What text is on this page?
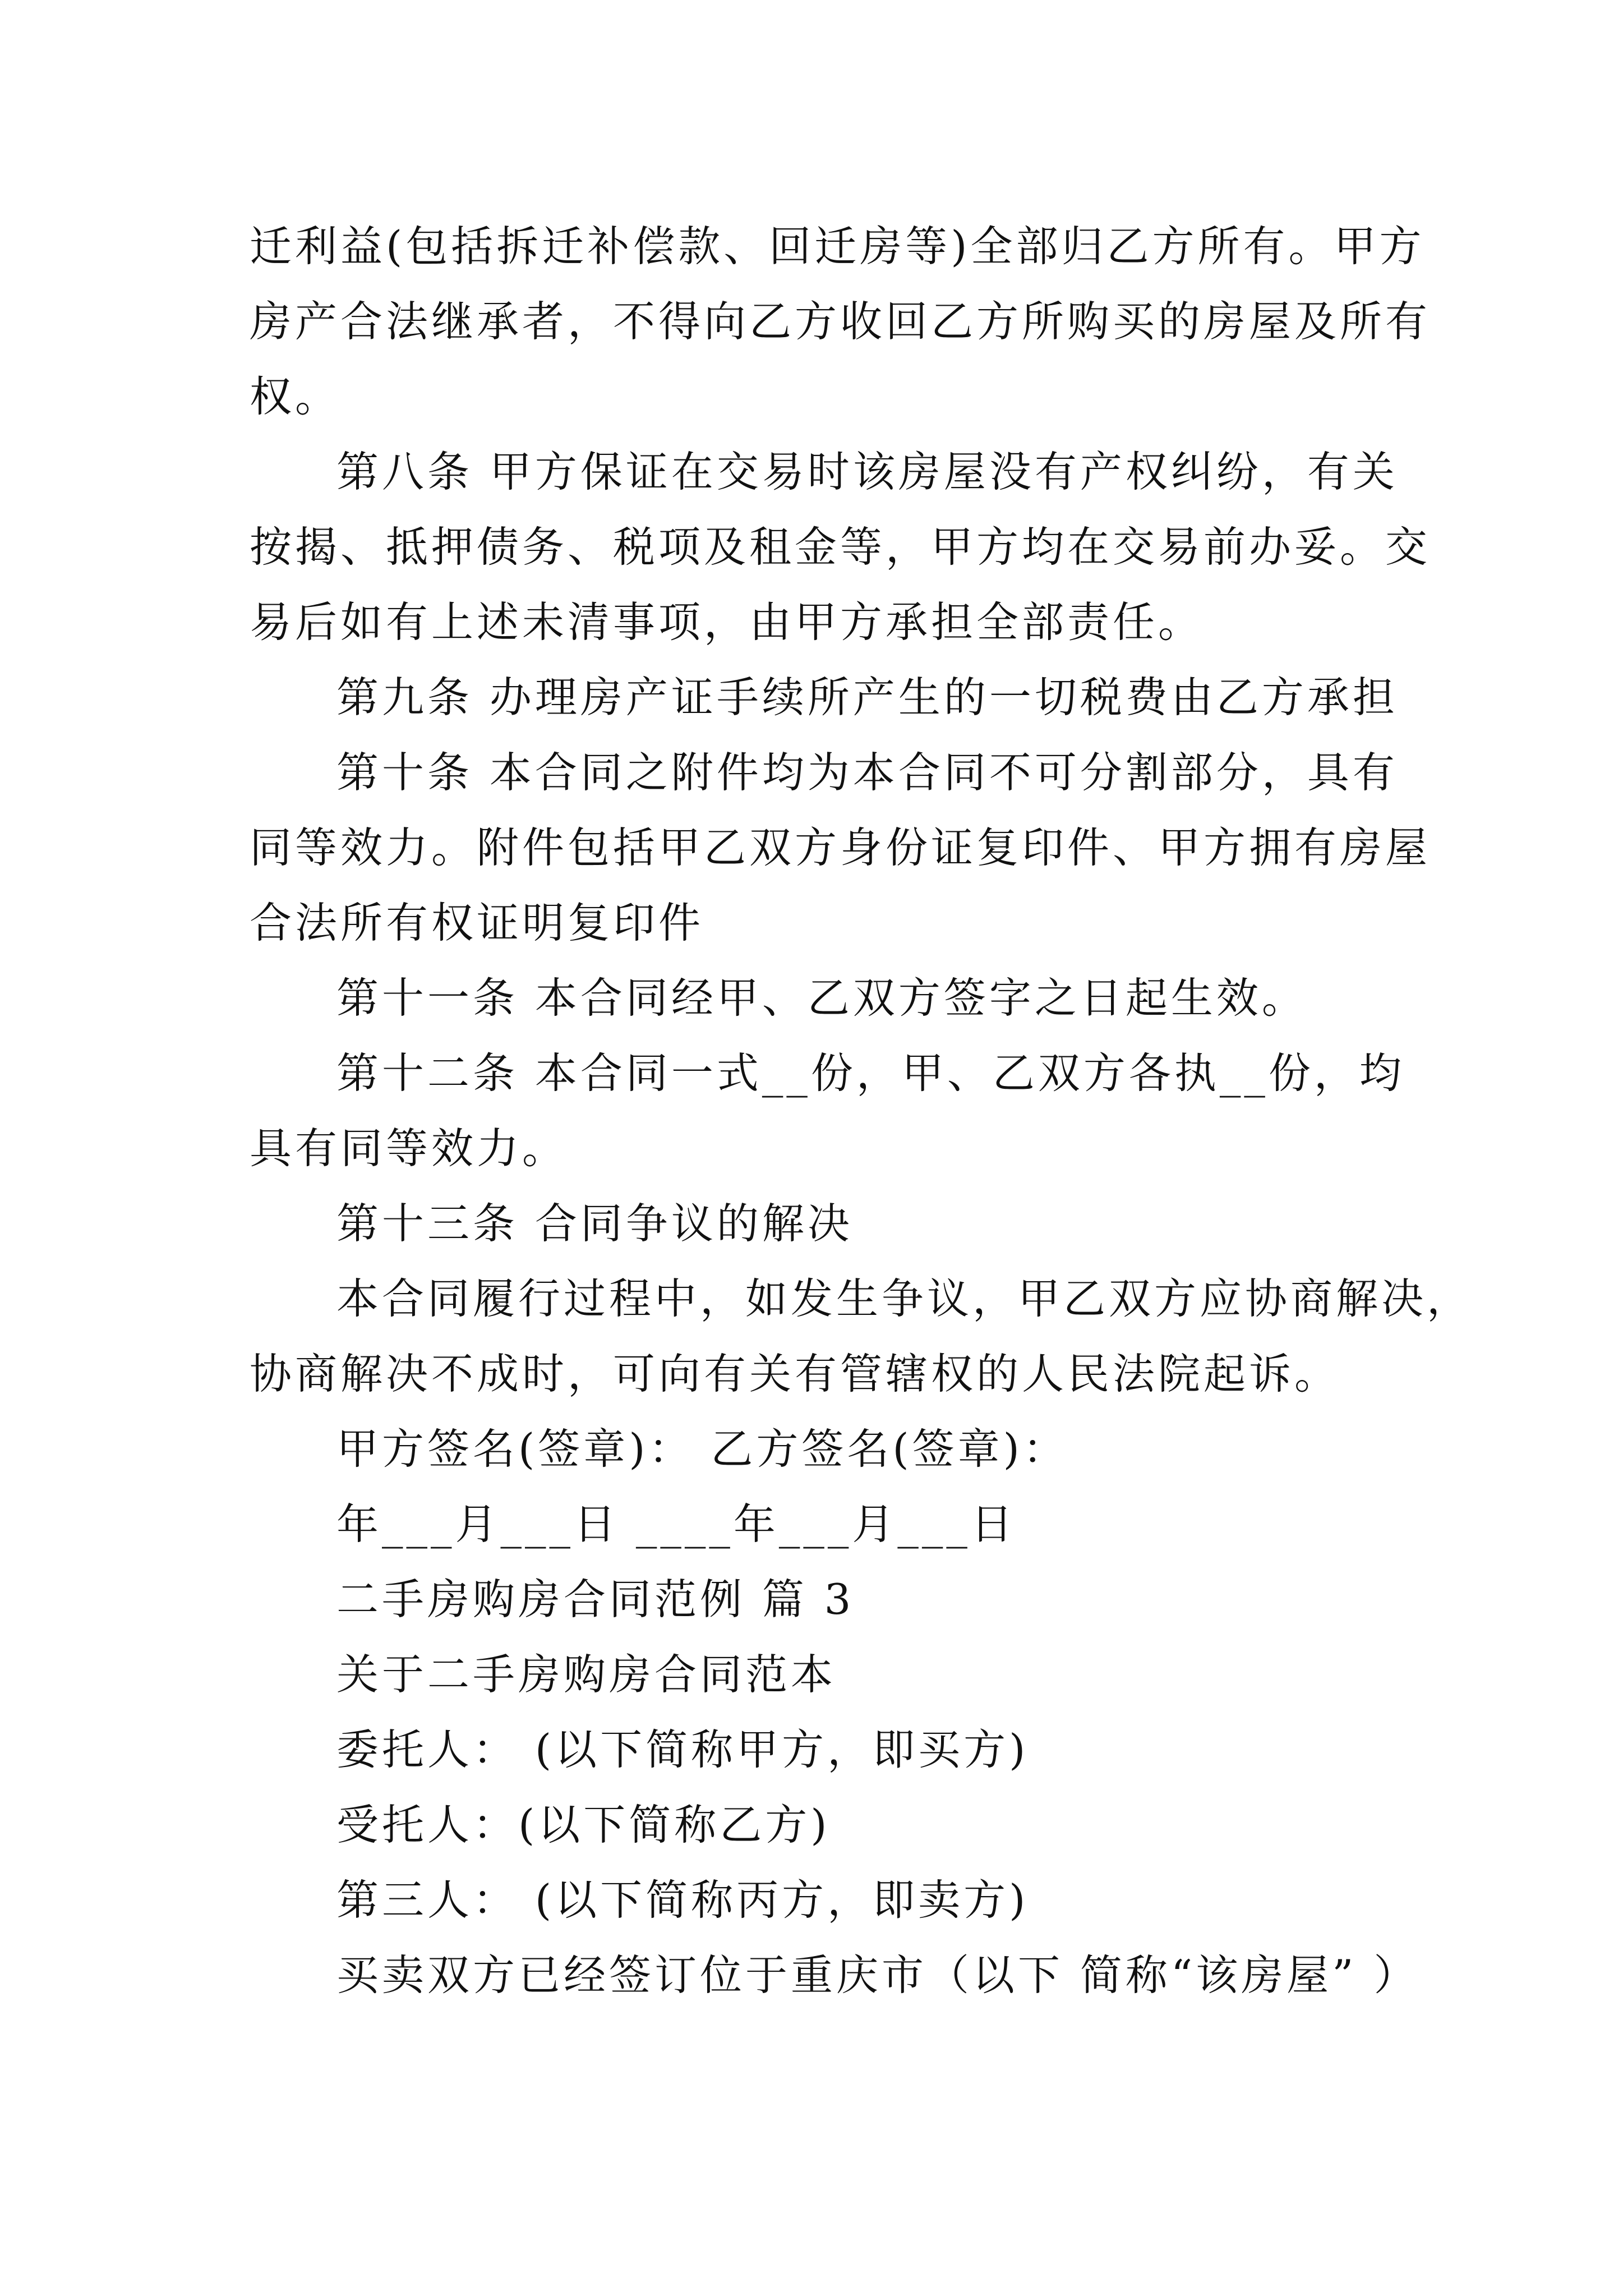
迁利益(包括拆迁补偿款、回迁房等)全部归乙方所有。甲方

房产合法继承者，不得向乙方收回乙方所购买的房屋及所有

权。

第八条 甲方保证在交易时该房屋没有产权纠纷，有关

按揭、抵押债务、税项及租金等，甲方均在交易前办妥。交

易后如有上述未清事项，由甲方承担全部责任。

第九条 办理房产证手续所产生的一切税费由乙方承担

第十条 本合同之附件均为本合同不可分割部分，具有

同等效力。附件包括甲乙双方身份证复印件、甲方拥有房屋

合法所有权证明复印件

第十一条 本合同经甲、乙双方签字之日起生效。

第十二条 本合同一式__份，甲、乙双方各执__份，均

具有同等效力。

第十三条 合同争议的解决

本合同履行过程中，如发生争议，甲乙双方应协商解决，

协商解决不成时，可向有关有管辖权的人民法院起诉。

甲方签名(签章)： 乙方签名(签章)：

年___月___日 ____年___月___日

二手房购房合同范例 篇 3

关于二手房购房合同范本

委托人： (以下简称甲方，即买方)

受托人：(以下简称乙方)

第三人： (以下简称丙方，即卖方)

买卖双方已经签订位于重庆市（以下 简称“该房屋” ）
